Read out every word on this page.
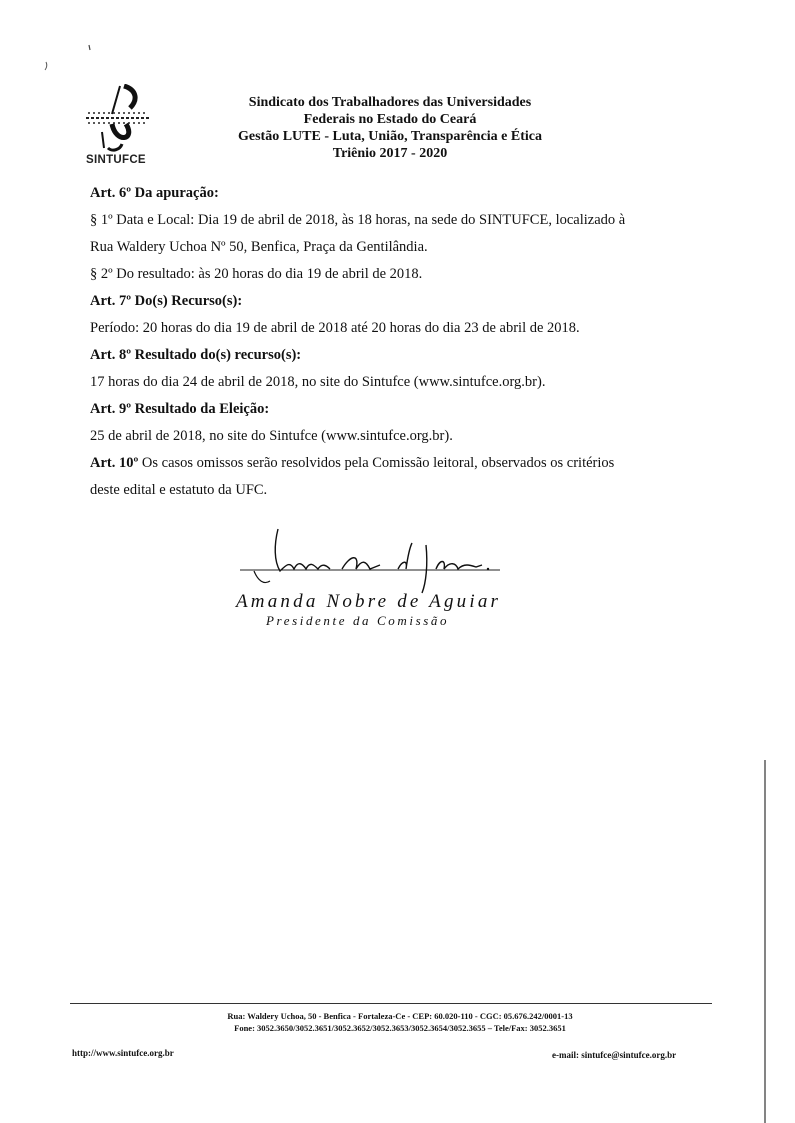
SINTUFCE
Sindicato dos Trabalhadores das Universidades
Federais no Estado do Ceará
Gestão LUTE - Luta, União, Transparência e Ética
Triênio 2017 - 2020
Art. 6º Da apuração:
§ 1º Data e Local: Dia 19 de abril de 2018, às 18 horas, na sede do SINTUFCE, localizado à
Rua Waldery Uchoa Nº 50, Benfica, Praça da Gentilândia.
§ 2º Do resultado: às 20 horas do dia 19 de abril de 2018.
Art. 7º Do(s) Recurso(s):
Período: 20 horas do dia 19 de abril de 2018 até 20 horas do dia 23 de abril de 2018.
Art. 8º Resultado do(s) recurso(s):
17 horas do dia 24 de abril de 2018, no site do Sintufce (www.sintufce.org.br).
Art. 9º Resultado da Eleição:
25 de abril de 2018, no site do Sintufce (www.sintufce.org.br).
Art. 10º Os casos omissos serão resolvidos pela Comissão leitoral, observados os critérios
deste edital e estatuto da UFC.
Amanda Nobre de Aguiar
Presidente da Comissão
Rua: Waldery Uchoa, 50 - Benfica - Fortaleza-Ce - CEP: 60.020-110 - CGC: 05.676.242/0001-13
Fone: 3052.3650/3052.3651/3052.3652/3052.3653/3052.3654/3052.3655 – Tele/Fax: 3052.3651
http://www.sintufce.org.br	e-mail: sintufce@sintufce.org.br
